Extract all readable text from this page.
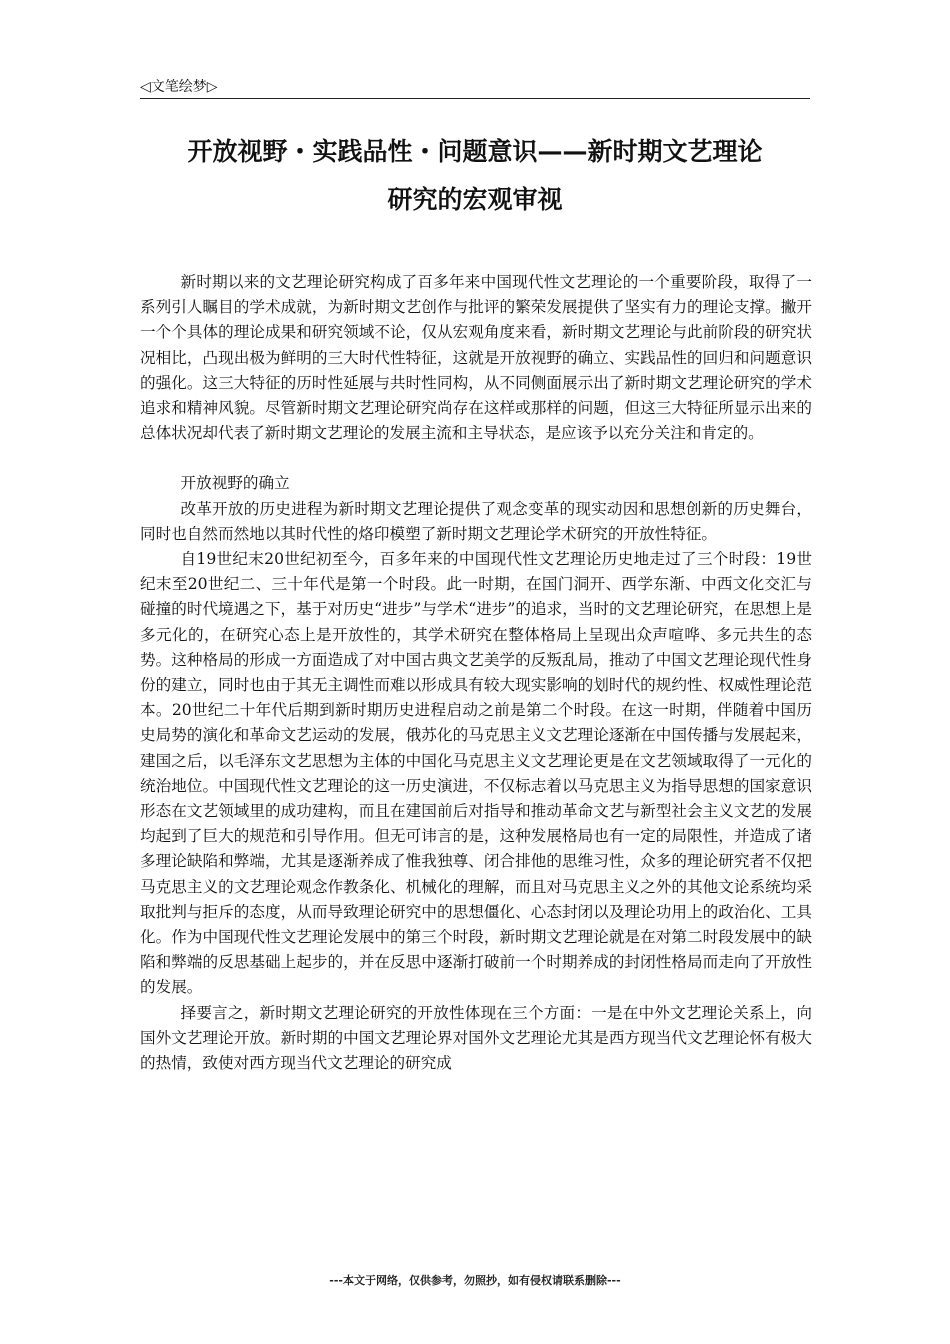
◁文笔绘梦▷
开放视野・实践品性・问题意识——新时期文艺理论
研究的宏观审视

新时期以来的文艺理论研究构成了百多年来中国现代性文艺理论的一个重要阶段，取得了一系列引人瞩目的学术成就，为新时期文艺创作与批评的繁荣发展提供了坚实有力的理论支撑。撇开一个个具体的理论成果和研究领域不论，仅从宏观角度来看，新时期文艺理论与此前阶段的研究状况相比，凸现出极为鲜明的三大时代性特征，这就是开放视野的确立、实践品性的回归和问题意识的强化。这三大特征的历时性延展与共时性同构，从不同侧面展示出了新时期文艺理论研究的学术追求和精神风貌。尽管新时期文艺理论研究尚存在这样或那样的问题，但这三大特征所显示出来的总体状况却代表了新时期文艺理论的发展主流和主导状态，是应该予以充分关注和肯定的。

开放视野的确立

改革开放的历史进程为新时期文艺理论提供了观念变革的现实动因和思想创新的历史舞台，同时也自然而然地以其时代性的烙印模塑了新时期文艺理论学术研究的开放性特征。

自19世纪末20世纪初至今，百多年来的中国现代性文艺理论历史地走过了三个时段：19世纪末至20世纪二、三十年代是第一个时段。此一时期，在国门洞开、西学东渐、中西文化交汇与碰撞的时代境遇之下，基于对历史“进步”与学术“进步”的追求，当时的文艺理论研究，在思想上是多元化的，在研究心态上是开放性的，其学术研究在整体格局上呈现出众声喧哗、多元共生的态势。这种格局的形成一方面造成了对中国古典文艺美学的反叛乱局，推动了中国文艺理论现代性身份的建立，同时也由于其无主调性而难以形成具有较大现实影响的划时代的规约性、权威性理论范本。20世纪二十年代后期到新时期历史进程启动之前是第二个时段。在这一时期，伴随着中国历史局势的演化和革命文艺运动的发展，俄苏化的马克思主义文艺理论逐渐在中国传播与发展起来，建国之后，以毛泽东文艺思想为主体的中国化马克思主义文艺理论更是在文艺领域取得了一元化的统治地位。中国现代性文艺理论的这一历史演进，不仅标志着以马克思主义为指导思想的国家意识形态在文艺领域里的成功建构，而且在建国前后对指导和推动革命文艺与新型社会主义文艺的发展均起到了巨大的规范和引导作用。但无可讳言的是，这种发展格局也有一定的局限性，并造成了诸多理论缺陷和弊端，尤其是逐渐养成了惟我独尊、闭合排他的思维习性，众多的理论研究者不仅把马克思主义的文艺理论观念作教条化、机械化的理解，而且对马克思主义之外的其他文论系统均采取批判与拒斥的态度，从而导致理论研究中的思想僵化、心态封闭以及理论功用上的政治化、工具化。作为中国现代性文艺理论发展中的第三个时段，新时期文艺理论就是在对第二时段发展中的缺陷和弊端的反思基础上起步的，并在反思中逐渐打破前一个时期养成的封闭性格局而走向了开放性的发展。

择要言之，新时期文艺理论研究的开放性体现在三个方面：一是在中外文艺理论关系上，向国外文艺理论开放。新时期的中国文艺理论界对国外文艺理论尤其是西方现当代文艺理论怀有极大的热情，致使对西方现当代文艺理论的研究成

---本文于网络，仅供参考，勿照抄，如有侵权请联系删除---
